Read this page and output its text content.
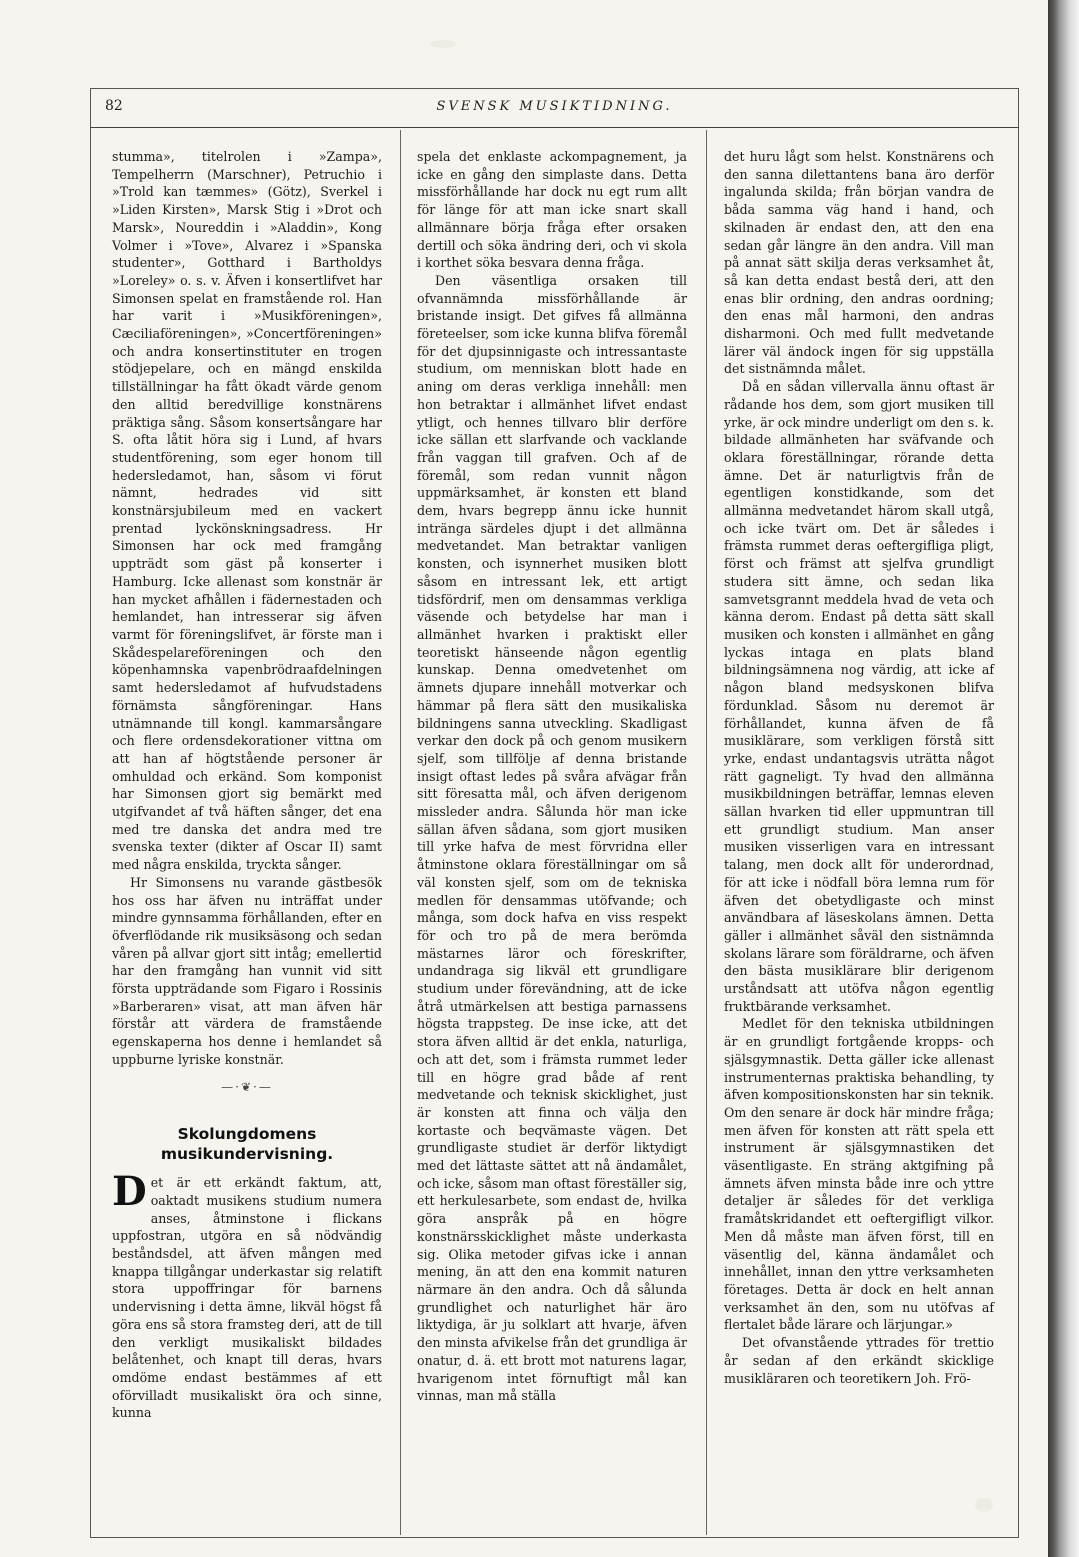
82	SVENSK MUSIKTIDNING.

stumma», titelrolen i »Zampa», Tempelherrn (Marschner), Petruchio i »Trold kan tæmmes» (Götz), Sverkel i »Liden Kirsten», Marsk Stig i »Drot och Marsk», Noureddin i »Aladdin», Kong Volmer i »Tove», Alvarez i »Spanska studenter», Gotthard i Bartholdys »Loreley» o. s. v. Äfven i konsertlifvet har Simonsen spelat en framstående rol. Han har varit i »Musikföreningen», Cæciliaföreningen», »Concertföreningen» och andra konsertinstituter en trogen stödjepelare, och en mängd enskilda tillställningar ha fått ökadt värde genom den alltid beredvillige konstnärens präktiga sång. Såsom konsertsångare har S. ofta låtit höra sig i Lund, af hvars studentförening, som eger honom till hedersledamot, han, såsom vi förut nämnt, hedrades vid sitt konstnärsjubileum med en vackert prentad lyckönskningsadress. Hr Simonsen har ock med framgång uppträdt som gäst på konserter i Hamburg. Icke allenast som konstnär är han mycket afhållen i fädernestaden och hemlandet, han intresserar sig äfven varmt för föreningslifvet, är förste man i Skådespelareföreningen och den köpenhamnska vapenbrödraafdelningen samt hedersledamot af hufvudstadens förnämsta sångföreningar. Hans utnämnande till kongl. kammarsångare och flere ordensdekorationer vittna om att han af högtstående personer är omhuldad och erkänd. Som komponist har Simonsen gjort sig bemärkt med utgifvandet af två häften sånger, det ena med tre danska det andra med tre svenska texter (dikter af Oscar II) samt med några enskilda, tryckta sånger.

Hr Simonsens nu varande gästbesök hos oss har äfven nu inträffat under mindre gynnsamma förhållanden, efter en öfverflödande rik musiksäsong och sedan våren på allvar gjort sitt intåg; emellertid har den framgång han vunnit vid sitt första uppträdande som Figaro i Rossinis »Barberaren» visat, att man äfven här förstår att värdera de framstående egenskaperna hos denne i hemlandet så uppburne lyriske konstnär.

—·❦·—
Skolungdomens musikundervisning.

D et är ett erkändt faktum, att, oaktadt musikens studium numera anses, åtminstone i flickans uppfostran, utgöra en så nödvändig beståndsdel, att äfven mången med knappa tillgångar underkastar sig relatift stora uppoffringar för barnens undervisning i detta ämne, likväl högst få göra ens så stora framsteg deri, att de till den verkligt musikaliskt bildades belåtenhet, och knapt till deras, hvars omdöme endast bestämmes af ett oförvilladt musikaliskt öra och sinne, kunna

spela det enklaste ackompagnement, ja icke en gång den simplaste dans. Detta missförhållande har dock nu egt rum allt för länge för att man icke snart skall allmännare börja fråga efter orsaken dertill och söka ändring deri, och vi skola i korthet söka besvara denna fråga.

Den väsentliga orsaken till ofvannämnda missförhållande är bristande insigt. Det gifves få allmänna företeelser, som icke kunna blifva föremål för det djupsinnigaste och intressantaste studium, om menniskan blott hade en aning om deras verkliga innehåll: men hon betraktar i allmänhet lifvet endast ytligt, och hennes tillvaro blir derföre icke sällan ett slarfvande och vacklande från vaggan till grafven. Och af de föremål, som redan vunnit någon uppmärksamhet, är konsten ett bland dem, hvars begrepp ännu icke hunnit intränga särdeles djupt i det allmänna medvetandet. Man betraktar vanligen konsten, och isynnerhet musiken blott såsom en intressant lek, ett artigt tidsfördrif, men om densammas verkliga väsende och betydelse har man i allmänhet hvarken i praktiskt eller teoretiskt hänseende någon egentlig kunskap. Denna omedvetenhet om ämnets djupare innehåll motverkar och hämmar på flera sätt den musikaliska bildningens sanna utveckling. Skadligast verkar den dock på och genom musikern sjelf, som tillfölje af denna bristande insigt oftast ledes på svåra afvägar från sitt föresatta mål, och äfven derigenom missleder andra. Sålunda hör man icke sällan äfven sådana, som gjort musiken till yrke hafva de mest förvridna eller åtminstone oklara föreställningar om så väl konsten sjelf, som om de tekniska medlen för densammas utöfvande; och många, som dock hafva en viss respekt för och tro på de mera berömda mästarnes läror och föreskrifter, undandraga sig likväl ett grundligare studium under förevändning, att de icke åtrå utmärkelsen att bestiga parnassens högsta trappsteg. De inse icke, att det stora äfven alltid är det enkla, naturliga, och att det, som i främsta rummet leder till en högre grad både af rent medvetande och teknisk skicklighet, just är konsten att finna och välja den kortaste och beqvämaste vägen. Det grundligaste studiet är derför liktydigt med det lättaste sättet att nå ändamålet, och icke, såsom man oftast föreställer sig, ett herkulesarbete, som endast de, hvilka göra anspråk på en högre konstnärsskicklighet måste underkasta sig. Olika metoder gifvas icke i annan mening, än att den ena kommit naturen närmare än den andra. Och då sålunda grundlighet och naturlighet här äro liktydiga, är ju solklart att hvarje, äfven den minsta afvikelse från det grundliga är onatur, d. ä. ett brott mot naturens lagar, hvarigenom intet förnuftigt mål kan vinnas, man må ställa

det huru lågt som helst. Konstnärens och den sanna dilettantens bana äro derför ingalunda skilda; från början vandra de båda samma väg hand i hand, och skilnaden är endast den, att den ena sedan går längre än den andra. Vill man på annat sätt skilja deras verksamhet åt, så kan detta endast bestå deri, att den enas blir ordning, den andras oordning; den enas mål harmoni, den andras disharmoni. Och med fullt medvetande lärer väl ändock ingen för sig uppställa det sistnämnda målet.

Då en sådan villervalla ännu oftast är rådande hos dem, som gjort musiken till yrke, är ock mindre underligt om den s. k. bildade allmänheten har sväfvande och oklara föreställningar, rörande detta ämne. Det är naturligtvis från de egentligen konstidkande, som det allmänna medvetandet härom skall utgå, och icke tvärt om. Det är således i främsta rummet deras oeftergifliga pligt, först och främst att sjelfva grundligt studera sitt ämne, och sedan lika samvetsgrannt meddela hvad de veta och känna derom. Endast på detta sätt skall musiken och konsten i allmänhet en gång lyckas intaga en plats bland bildningsämnena nog värdig, att icke af någon bland medsyskonen blifva fördunklad. Såsom nu deremot är förhållandet, kunna äfven de få musiklärare, som verkligen förstå sitt yrke, endast undantagsvis uträtta något rätt gagneligt. Ty hvad den allmänna musikbildningen beträffar, lemnas eleven sällan hvarken tid eller uppmuntran till ett grundligt studium. Man anser musiken visserligen vara en intressant talang, men dock allt för underordnad, för att icke i nödfall böra lemna rum för äfven det obetydligaste och minst användbara af läseskolans ämnen. Detta gäller i allmänhet såväl den sistnämnda skolans lärare som föräldrarne, och äfven den bästa musiklärare blir derigenom urståndsatt att utöfva någon egentlig fruktbärande verksamhet.

Medlet för den tekniska utbildningen är en grundligt fortgående kropps- och själsgymnastik. Detta gäller icke allenast instrumenternas praktiska behandling, ty äfven kompositionskonsten har sin teknik. Om den senare är dock här mindre fråga; men äfven för konsten att rätt spela ett instrument är själsgymnastiken det väsentligaste. En sträng aktgifning på ämnets äfven minsta både inre och yttre detaljer är således för det verkliga framåtskridandet ett oeftergifligt vilkor. Men då måste man äfven först, till en väsentlig del, känna ändamålet och innehållet, innan den yttre verksamheten företages. Detta är dock en helt annan verksamhet än den, som nu utöfvas af flertalet både lärare och lärjungar.»

Det ofvanstående yttrades för trettio år sedan af den erkändt skicklige musikläraren och teoretikern Joh. Frö-
